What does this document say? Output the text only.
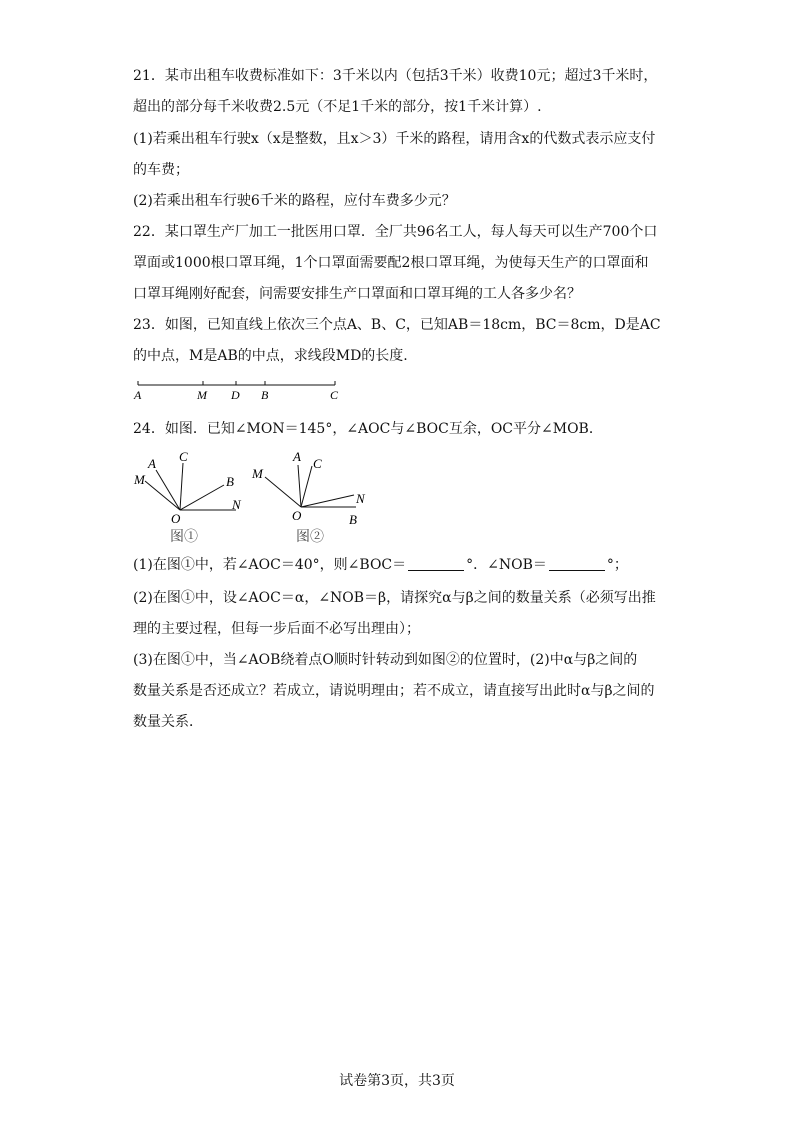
21．某市出租车收费标准如下：3千米以内（包括3千米）收费10元；超过3千米时，
超出的部分每千米收费2.5元（不足1千米的部分，按1千米计算）.
(1)若乘出租车行驶x（x是整数，且x＞3）千米的路程，请用含x的代数式表示应支付
的车费；
(2)若乘出租车行驶6千米的路程，应付车费多少元？
22．某口罩生产厂加工一批医用口罩．全厂共96名工人，每人每天可以生产700个口
罩面或1000根口罩耳绳，1个口罩面需要配2根口罩耳绳，为使每天生产的口罩面和
口罩耳绳刚好配套，问需要安排生产口罩面和口罩耳绳的工人各多少名？
23．如图，已知直线上依次三个点A、B、C，已知AB＝18cm，BC＝8cm，D是AC
的中点，M是AB的中点，求线段MD的长度.
A	M D B	C
24．如图．已知∠MON＝145°，∠AOC与∠BOC互余，OC平分∠MOB．
A C
M	B
N
O
图①
A C
M
N
O	B
图②
(1)在图①中，若∠AOC＝40°，则∠BOC＝	°．∠NOB＝	°；
(2)在图①中，设∠AOC＝α，∠NOB＝β，请探究α与β之间的数量关系（必须写出推
理的主要过程，但每一步后面不必写出理由）；
(3)在图①中，当∠AOB绕着点O顺时针转动到如图②的位置时，(2)中α与β之间的
数量关系是否还成立？若成立，请说明理由；若不成立，请直接写出此时α与β之间的
数量关系．
试卷第3页，共3页
